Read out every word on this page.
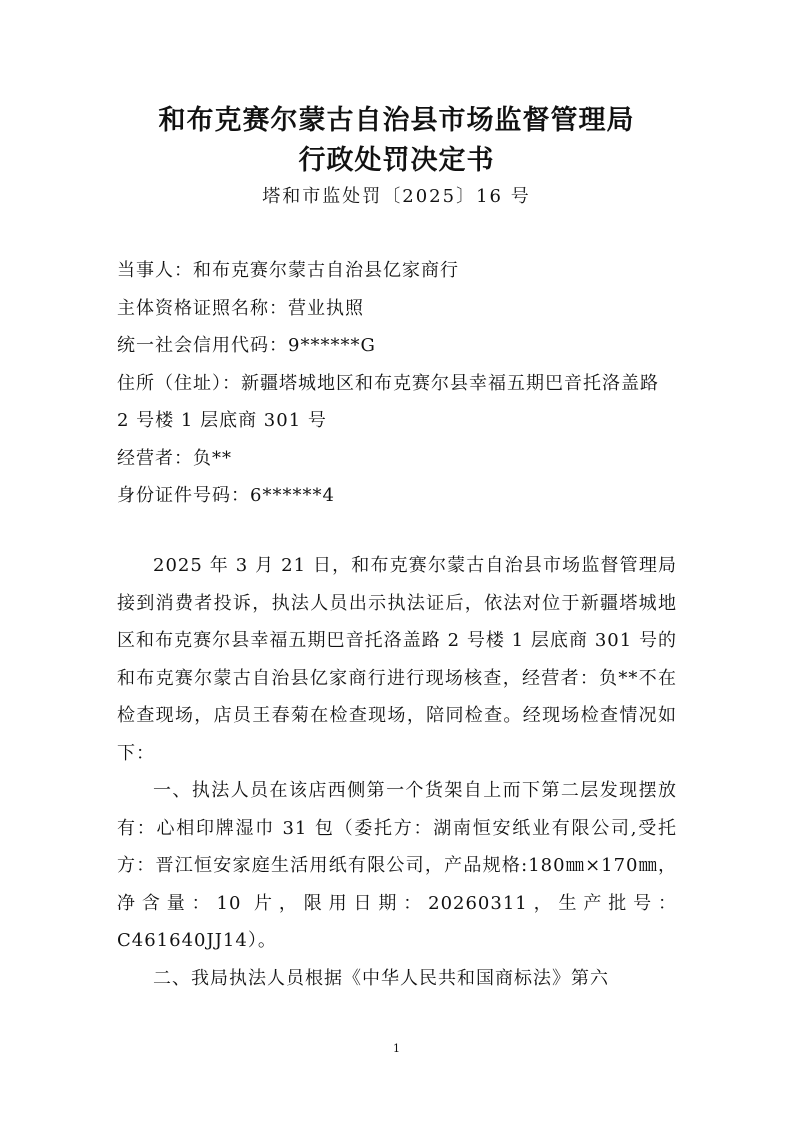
和布克赛尔蒙古自治县市场监督管理局
行政处罚决定书
塔和市监处罚〔2025〕16 号
当事人：和布克赛尔蒙古自治县亿家商行
主体资格证照名称：营业执照
统一社会信用代码：9******G
住所（住址）：新疆塔城地区和布克赛尔县幸福五期巴音托洛盖路 2 号楼 1 层底商 301 号
经营者：负**
身份证件号码：6******4

2025 年 3 月 21 日，和布克赛尔蒙古自治县市场监督管理局接到消费者投诉，执法人员出示执法证后，依法对位于新疆塔城地区和布克赛尔县幸福五期巴音托洛盖路 2 号楼 1 层底商 301 号的和布克赛尔蒙古自治县亿家商行进行现场核查，经营者：负**不在检查现场，店员王春菊在检查现场，陪同检查。经现场检查情况如下：

一、执法人员在该店西侧第一个货架自上而下第二层发现摆放有：心相印牌湿巾 31 包（委托方：湖南恒安纸业有限公司,受托方：晋江恒安家庭生活用纸有限公司，产品规格:180㎜×170㎜，净含量：10 片，限用日期：20260311，生产批号：C461640JJ14）。

二、我局执法人员根据《中华人民共和国商标法》第六

1
